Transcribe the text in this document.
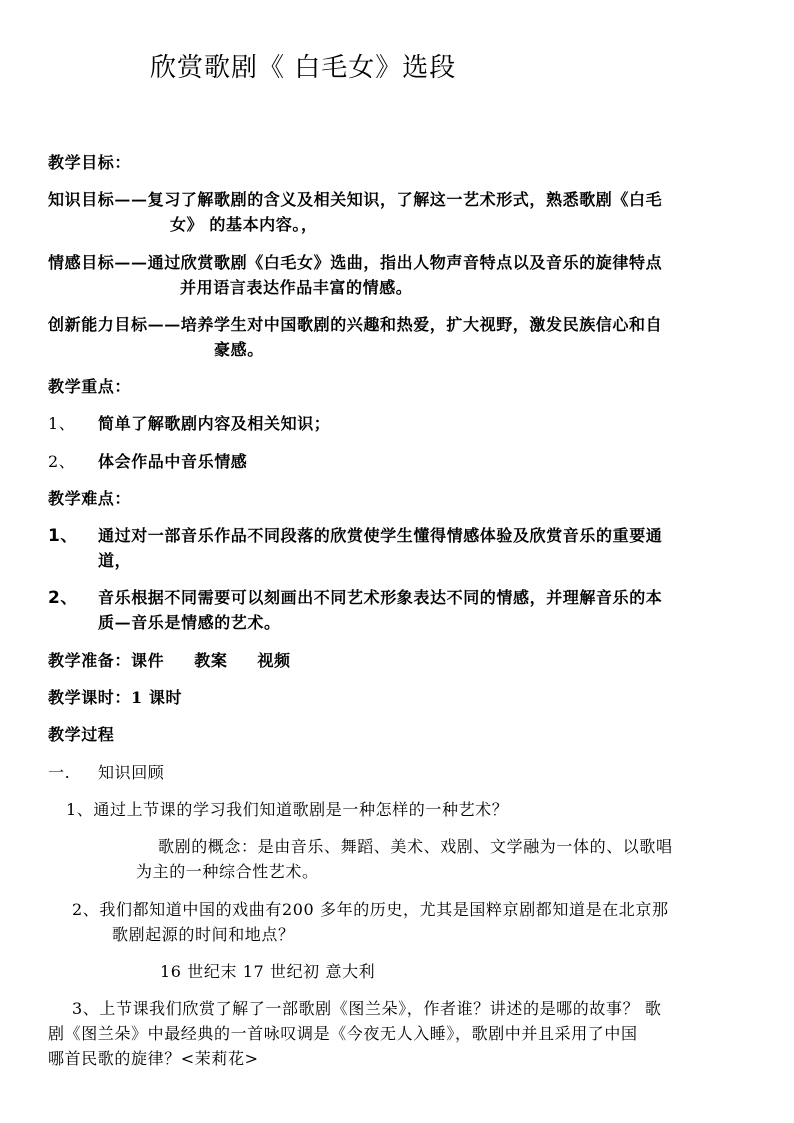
欣赏歌剧《 白毛女》选段
教学目标：
知识目标——复习了解歌剧的含义及相关知识，了解这一艺术形式，熟悉歌剧《白毛
女》 的基本内容。，
情感目标——通过欣赏歌剧《白毛女》选曲，指出人物声音特点以及音乐的旋律特点
并用语言表达作品丰富的情感。
创新能力目标——培养学生对中国歌剧的兴趣和热爱，扩大视野，激发民族信心和自
豪感。
教学重点：
1、 简单了解歌剧内容及相关知识；
2、 体会作品中音乐情感
教学难点：
1、 通过对一部音乐作品不同段落的欣赏使学生懂得情感体验及欣赏音乐的重要通
道，
2、 音乐根据不同需要可以刻画出不同艺术形象表达不同的情感，并理解音乐的本
质—音乐是情感的艺术。
教学准备：课件 教案 视频
教学课时：1 课时
教学过程
一. 知识回顾
1、通过上节课的学习我们知道歌剧是一种怎样的一种艺术？
歌剧的概念：是由音乐、舞蹈、美术、戏剧、文学融为一体的、以歌唱
为主的一种综合性艺术。
2、我们都知道中国的戏曲有200 多年的历史，尤其是国粹京剧都知道是在北京那
歌剧起源的时间和地点？
16 世纪末 17 世纪初 意大利
3、上节课我们欣赏了解了一部歌剧《图兰朵》，作者谁？讲述的是哪的故事？ 歌
剧《图兰朵》中最经典的一首咏叹调是《今夜无人入睡》，歌剧中并且采用了中国
哪首民歌的旋律？<茉莉花>
